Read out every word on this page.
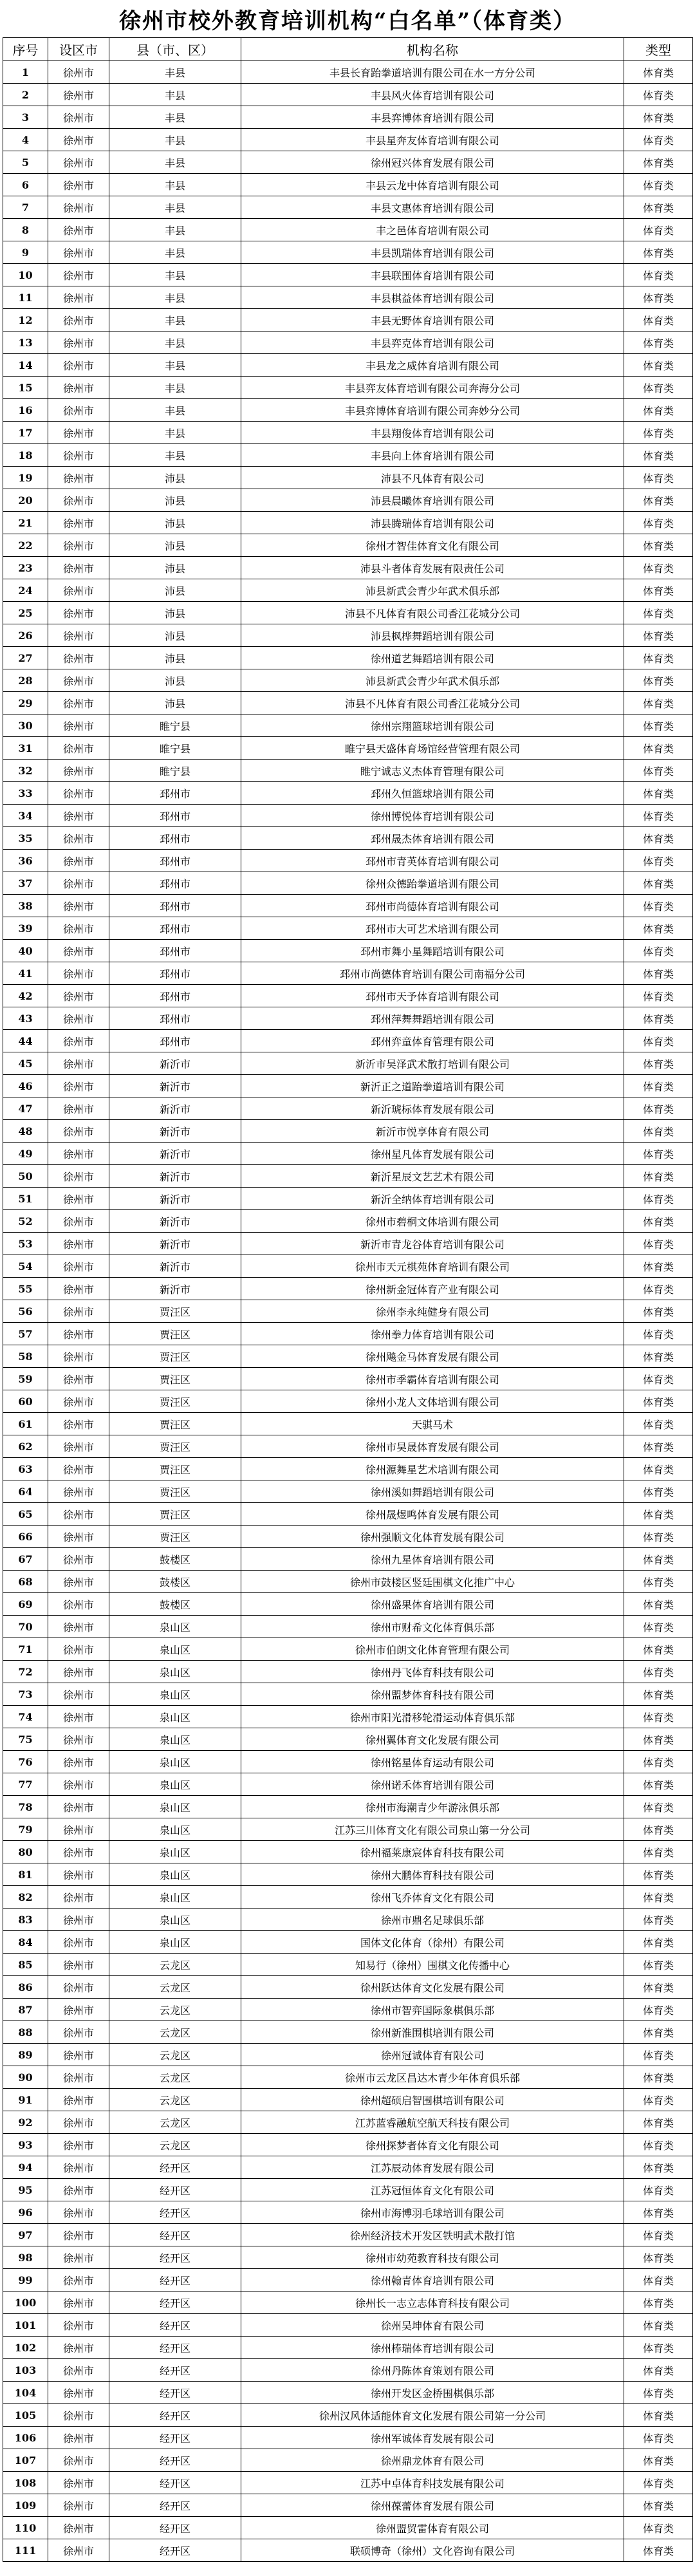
徐州市校外教育培训机构“白名单”（体育类）
序号	设区市	县（市、区）	机构名称	类型
1	徐州市	丰县	丰县长育跆拳道培训有限公司在水一方分公司	体育类
2	徐州市	丰县	丰县风火体育培训有限公司	体育类
3	徐州市	丰县	丰县弈博体育培训有限公司	体育类
4	徐州市	丰县	丰县星奔友体育培训有限公司	体育类
5	徐州市	丰县	徐州冠兴体育发展有限公司	体育类
6	徐州市	丰县	丰县云龙中体育培训有限公司	体育类
7	徐州市	丰县	丰县文惠体育培训有限公司	体育类
8	徐州市	丰县	丰之邑体育培训有限公司	体育类
9	徐州市	丰县	丰县凯瑞体育培训有限公司	体育类
10	徐州市	丰县	丰县联围体育培训有限公司	体育类
11	徐州市	丰县	丰县棋益体育培训有限公司	体育类
12	徐州市	丰县	丰县无野体育培训有限公司	体育类
13	徐州市	丰县	丰县弈克体育培训有限公司	体育类
14	徐州市	丰县	丰县龙之威体育培训有限公司	体育类
15	徐州市	丰县	丰县弈友体育培训有限公司奔海分公司	体育类
16	徐州市	丰县	丰县弈博体育培训有限公司奔妙分公司	体育类
17	徐州市	丰县	丰县翔俊体育培训有限公司	体育类
18	徐州市	丰县	丰县向上体育培训有限公司	体育类
19	徐州市	沛县	沛县不凡体育有限公司	体育类
20	徐州市	沛县	沛县晨曦体育培训有限公司	体育类
21	徐州市	沛县	沛县腾瑞体育培训有限公司	体育类
22	徐州市	沛县	徐州才智佳体育文化有限公司	体育类
23	徐州市	沛县	沛县斗者体育发展有限责任公司	体育类
24	徐州市	沛县	沛县新武会青少年武术俱乐部	体育类
25	徐州市	沛县	沛县不凡体育有限公司香江花城分公司	体育类
26	徐州市	沛县	沛县枫桦舞蹈培训有限公司	体育类
27	徐州市	沛县	徐州道艺舞蹈培训有限公司	体育类
28	徐州市	沛县	沛县新武会青少年武术俱乐部	体育类
29	徐州市	沛县	沛县不凡体育有限公司香江花城分公司	体育类
30	徐州市	睢宁县	徐州宗翔篮球培训有限公司	体育类
31	徐州市	睢宁县	睢宁县天盛体育场馆经营管理有限公司	体育类
32	徐州市	睢宁县	睢宁诚志义杰体育管理有限公司	体育类
33	徐州市	邳州市	邳州久恒篮球培训有限公司	体育类
34	徐州市	邳州市	徐州博悦体育培训有限公司	体育类
35	徐州市	邳州市	邳州晟杰体育培训有限公司	体育类
36	徐州市	邳州市	邳州市青英体育培训有限公司	体育类
37	徐州市	邳州市	徐州众德跆拳道培训有限公司	体育类
38	徐州市	邳州市	邳州市尚德体育培训有限公司	体育类
39	徐州市	邳州市	邳州市大可艺术培训有限公司	体育类
40	徐州市	邳州市	邳州市舞小星舞蹈培训有限公司	体育类
41	徐州市	邳州市	邳州市尚德体育培训有限公司南福分公司	体育类
42	徐州市	邳州市	邳州市天予体育培训有限公司	体育类
43	徐州市	邳州市	邳州萍舞舞蹈培训有限公司	体育类
44	徐州市	邳州市	邳州弈童体育管理有限公司	体育类
45	徐州市	新沂市	新沂市吴泽武术散打培训有限公司	体育类
46	徐州市	新沂市	新沂正之道跆拳道培训有限公司	体育类
47	徐州市	新沂市	新沂琥标体育发展有限公司	体育类
48	徐州市	新沂市	新沂市悦享体育有限公司	体育类
49	徐州市	新沂市	徐州星凡体育发展有限公司	体育类
50	徐州市	新沂市	新沂星辰文艺艺术有限公司	体育类
51	徐州市	新沂市	新沂全纳体育培训有限公司	体育类
52	徐州市	新沂市	徐州市碧桐文体培训有限公司	体育类
53	徐州市	新沂市	新沂市青龙谷体育培训有限公司	体育类
54	徐州市	新沂市	徐州市天元棋苑体育培训有限公司	体育类
55	徐州市	新沂市	徐州新金冠体育产业有限公司	体育类
56	徐州市	贾汪区	徐州李永纯健身有限公司	体育类
57	徐州市	贾汪区	徐州拳力体育培训有限公司	体育类
58	徐州市	贾汪区	徐州飚金马体育发展有限公司	体育类
59	徐州市	贾汪区	徐州市季霸体育培训有限公司	体育类
60	徐州市	贾汪区	徐州小龙人文体培训有限公司	体育类
61	徐州市	贾汪区	天骐马术	体育类
62	徐州市	贾汪区	徐州市昊晟体育发展有限公司	体育类
63	徐州市	贾汪区	徐州源舞星艺术培训有限公司	体育类
64	徐州市	贾汪区	徐州溪如舞蹈培训有限公司	体育类
65	徐州市	贾汪区	徐州晟煜鸣体育发展有限公司	体育类
66	徐州市	贾汪区	徐州强顺文化体育发展有限公司	体育类
67	徐州市	鼓楼区	徐州九星体育培训有限公司	体育类
68	徐州市	鼓楼区	徐州市鼓楼区竖廷围棋文化推广中心	体育类
69	徐州市	鼓楼区	徐州盛果体育培训有限公司	体育类
70	徐州市	泉山区	徐州市财希文化体育俱乐部	体育类
71	徐州市	泉山区	徐州市伯朗文化体育管理有限公司	体育类
72	徐州市	泉山区	徐州丹飞体育科技有限公司	体育类
73	徐州市	泉山区	徐州盟梦体育科技有限公司	体育类
74	徐州市	泉山区	徐州市阳光滑移轮滑运动体育俱乐部	体育类
75	徐州市	泉山区	徐州翼体育文化发展有限公司	体育类
76	徐州市	泉山区	徐州铭星体育运动有限公司	体育类
77	徐州市	泉山区	徐州诺禾体育培训有限公司	体育类
78	徐州市	泉山区	徐州市海潮青少年游泳俱乐部	体育类
79	徐州市	泉山区	江苏三川体育文化有限公司泉山第一分公司	体育类
80	徐州市	泉山区	徐州福莱康宸体育科技有限公司	体育类
81	徐州市	泉山区	徐州大鹏体育科技有限公司	体育类
82	徐州市	泉山区	徐州飞乔体育文化有限公司	体育类
83	徐州市	泉山区	徐州市鼎名足球俱乐部	体育类
84	徐州市	泉山区	国体文化体育（徐州）有限公司	体育类
85	徐州市	云龙区	知易行（徐州）围棋文化传播中心	体育类
86	徐州市	云龙区	徐州跃达体育文化发展有限公司	体育类
87	徐州市	云龙区	徐州市智弈国际象棋俱乐部	体育类
88	徐州市	云龙区	徐州新淮围棋培训有限公司	体育类
89	徐州市	云龙区	徐州冠诚体育有限公司	体育类
90	徐州市	云龙区	徐州市云龙区昌达木青少年体育俱乐部	体育类
91	徐州市	云龙区	徐州超硕启智围棋培训有限公司	体育类
92	徐州市	云龙区	江苏蓝睿融航空航天科技有限公司	体育类
93	徐州市	云龙区	徐州探梦者体育文化有限公司	体育类
94	徐州市	经开区	江苏辰动体育发展有限公司	体育类
95	徐州市	经开区	江苏冠恒体育文化有限公司	体育类
96	徐州市	经开区	徐州市海博羽毛球培训有限公司	体育类
97	徐州市	经开区	徐州经济技术开发区铁明武术散打馆	体育类
98	徐州市	经开区	徐州市幼苑教育科技有限公司	体育类
99	徐州市	经开区	徐州翰青体育培训有限公司	体育类
100	徐州市	经开区	徐州长一志立志体育科技有限公司	体育类
101	徐州市	经开区	徐州吴坤体育有限公司	体育类
102	徐州市	经开区	徐州棒瑞体育培训有限公司	体育类
103	徐州市	经开区	徐州丹陈体育策划有限公司	体育类
104	徐州市	经开区	徐州开发区金桥围棋俱乐部	体育类
105	徐州市	经开区	徐州汉风体适能体育文化发展有限公司第一分公司	体育类
106	徐州市	经开区	徐州军诚体育发展有限公司	体育类
107	徐州市	经开区	徐州鼎龙体育有限公司	体育类
108	徐州市	经开区	江苏中卓体育科技发展有限公司	体育类
109	徐州市	经开区	徐州葆蕾体育发展有限公司	体育类
110	徐州市	经开区	徐州盟贸雷体育有限公司	体育类
111	徐州市	经开区	联硕博奇（徐州）文化咨询有限公司	体育类
